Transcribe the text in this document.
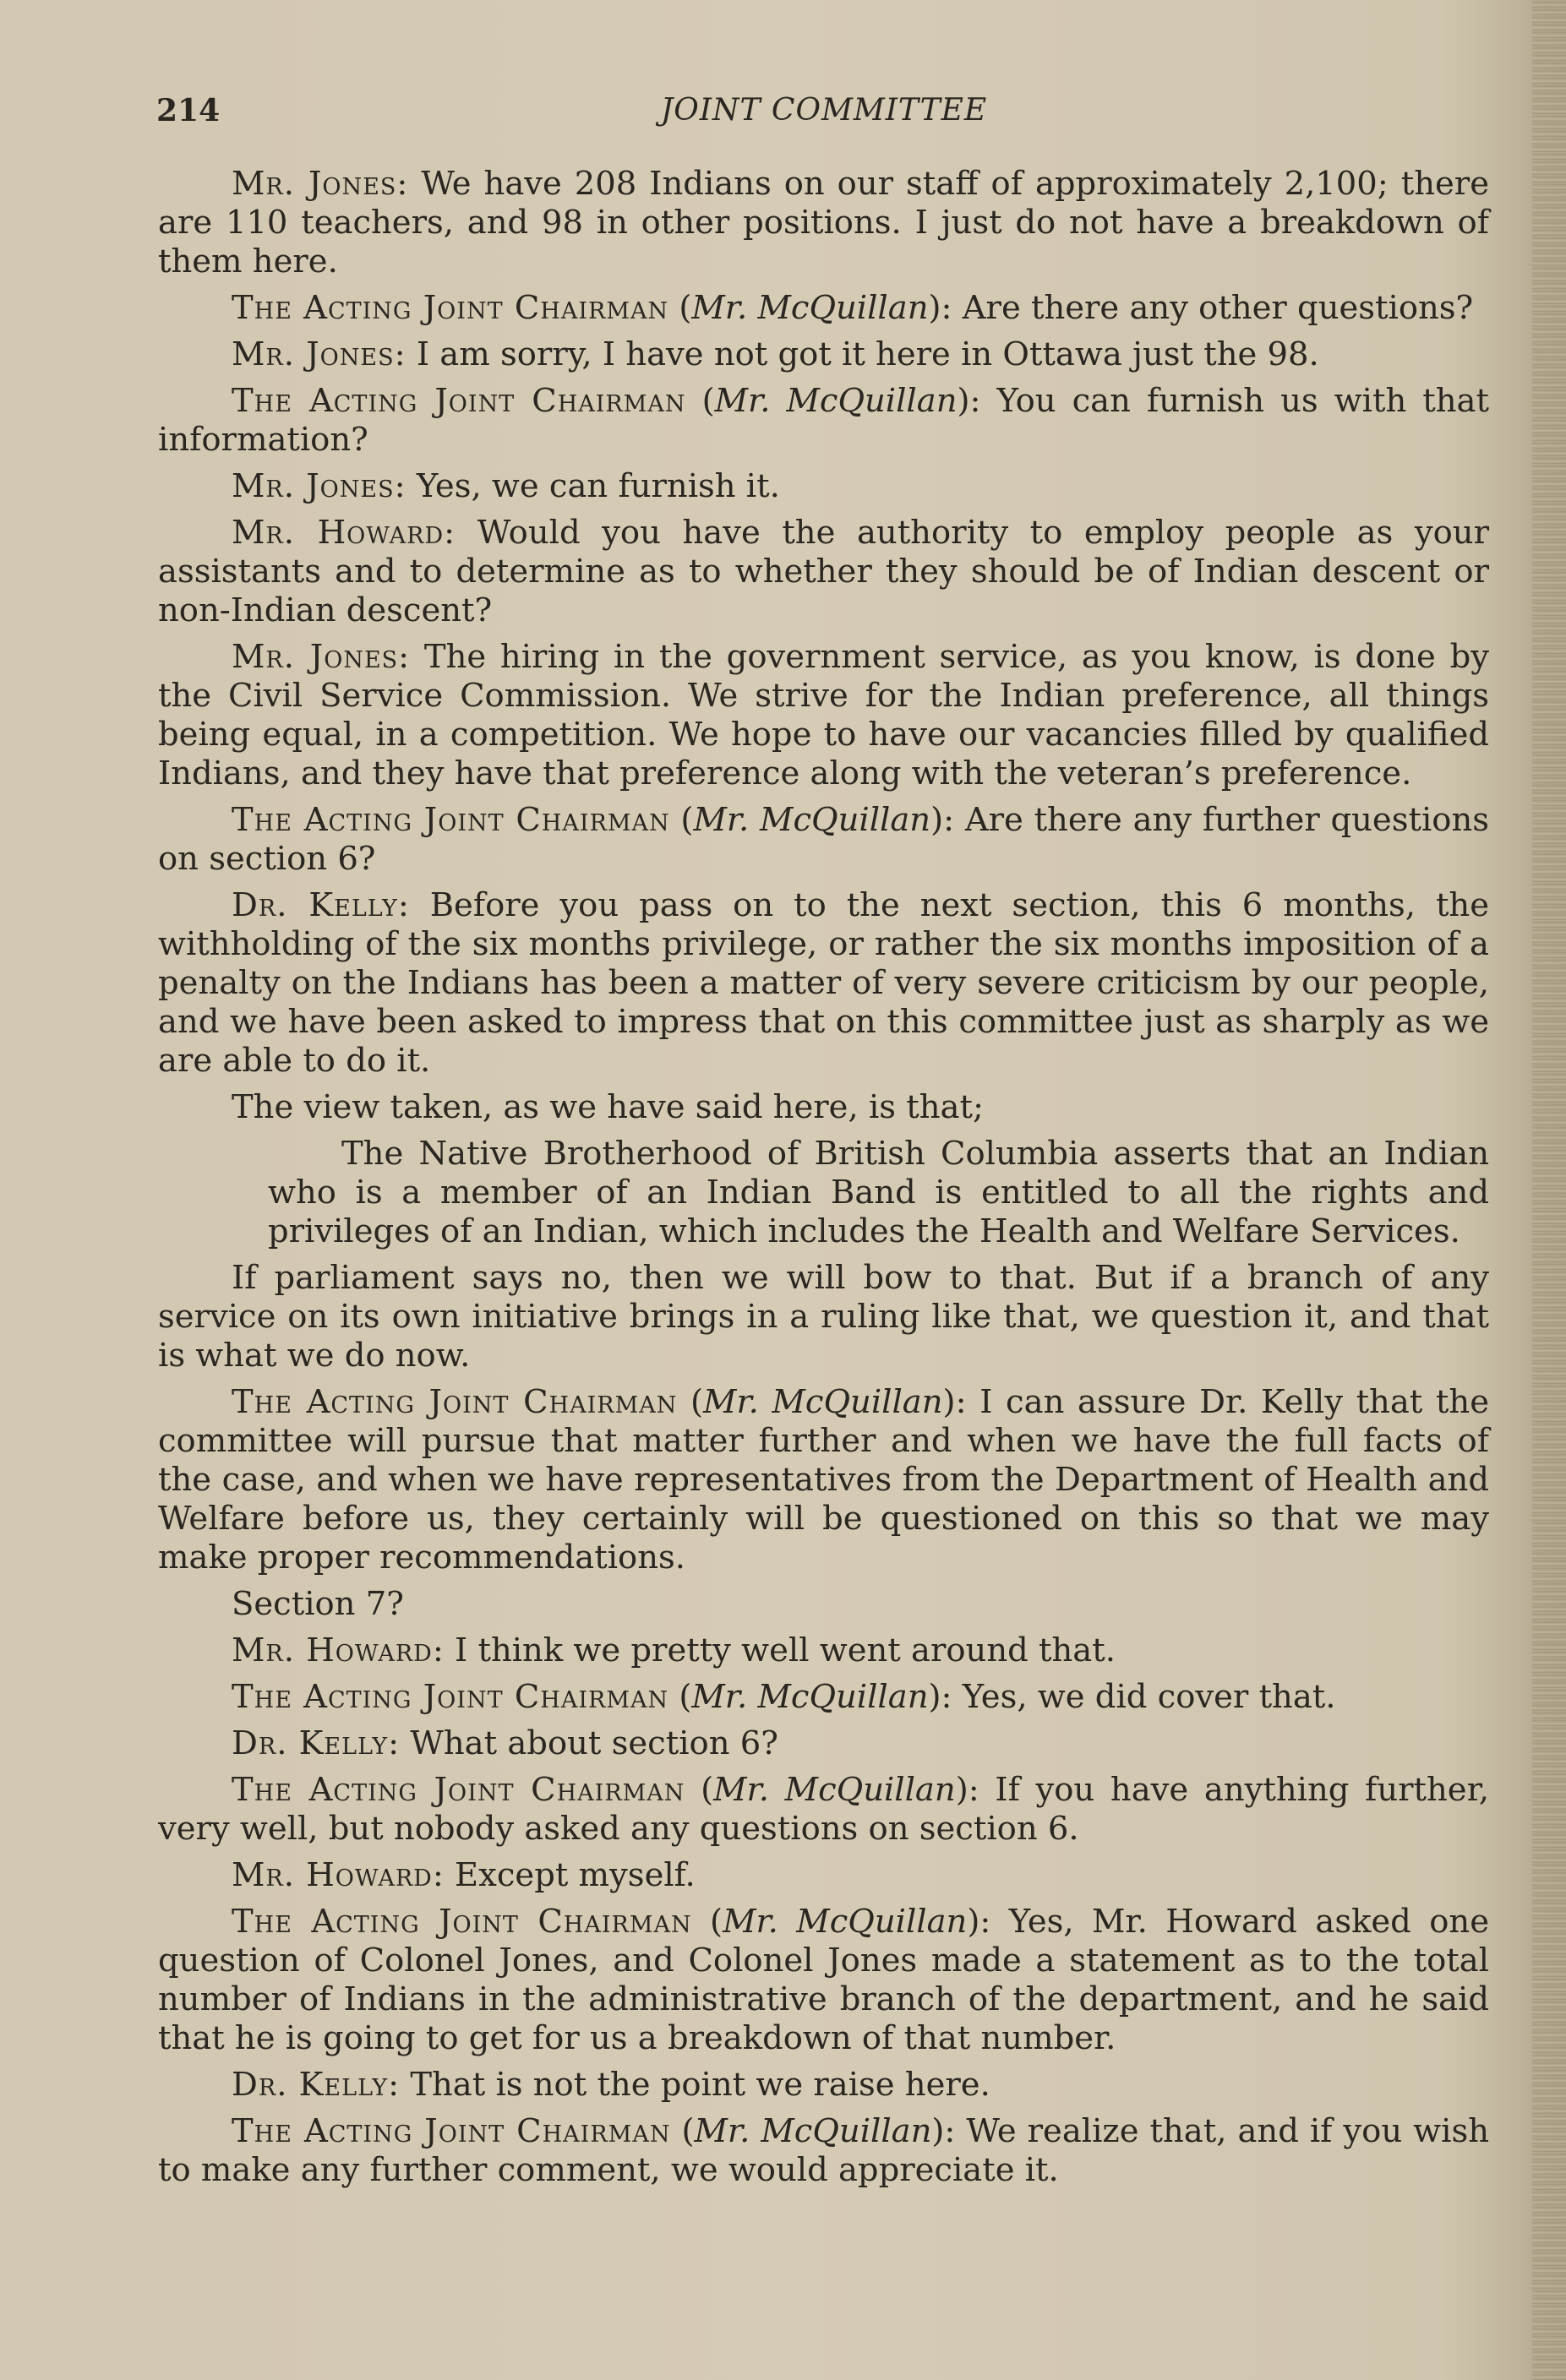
214	JOINT COMMITTEE

Mr. Jones: We have 208 Indians on our staff of approximately 2,100; there are 110 teachers, and 98 in other positions. I just do not have a breakdown of them here.

The Acting Joint Chairman (Mr. McQuillan): Are there any other questions?

Mr. Jones: I am sorry, I have not got it here in Ottawa just the 98.

The Acting Joint Chairman (Mr. McQuillan): You can furnish us with that information?

Mr. Jones: Yes, we can furnish it.

Mr. Howard: Would you have the authority to employ people as your assistants and to determine as to whether they should be of Indian descent or non-Indian descent?

Mr. Jones: The hiring in the government service, as you know, is done by the Civil Service Commission. We strive for the Indian preference, all things being equal, in a competition. We hope to have our vacancies filled by qualified Indians, and they have that preference along with the veteran’s preference.

The Acting Joint Chairman (Mr. McQuillan): Are there any further questions on section 6?

Dr. Kelly: Before you pass on to the next section, this 6 months, the withholding of the six months privilege, or rather the six months imposition of a penalty on the Indians has been a matter of very severe criticism by our people, and we have been asked to impress that on this committee just as sharply as we are able to do it.

The view taken, as we have said here, is that;

The Native Brotherhood of British Columbia asserts that an Indian who is a member of an Indian Band is entitled to all the rights and privileges of an Indian, which includes the Health and Welfare Services.

If parliament says no, then we will bow to that. But if a branch of any service on its own initiative brings in a ruling like that, we question it, and that is what we do now.

The Acting Joint Chairman (Mr. McQuillan): I can assure Dr. Kelly that the committee will pursue that matter further and when we have the full facts of the case, and when we have representatives from the Department of Health and Welfare before us, they certainly will be questioned on this so that we may make proper recommendations.

Section 7?

Mr. Howard: I think we pretty well went around that.

The Acting Joint Chairman (Mr. McQuillan): Yes, we did cover that.

Dr. Kelly: What about section 6?

The Acting Joint Chairman (Mr. McQuillan): If you have anything further, very well, but nobody asked any questions on section 6.

Mr. Howard: Except myself.

The Acting Joint Chairman (Mr. McQuillan): Yes, Mr. Howard asked one question of Colonel Jones, and Colonel Jones made a statement as to the total number of Indians in the administrative branch of the department, and he said that he is going to get for us a breakdown of that number.

Dr. Kelly: That is not the point we raise here.

The Acting Joint Chairman (Mr. McQuillan): We realize that, and if you wish to make any further comment, we would appreciate it.
